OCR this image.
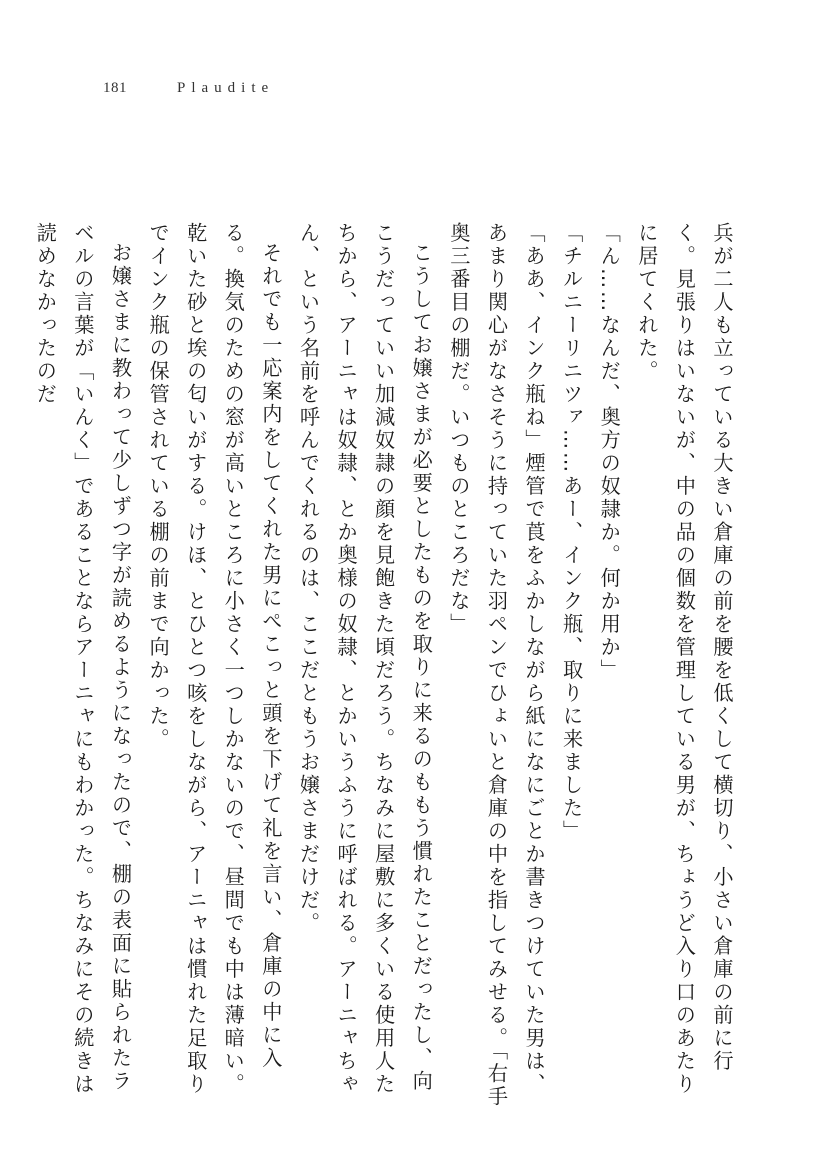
181	Plaudite

兵が二人も立っている大きい倉庫の前を腰を低くして横切り、小さい倉庫の前に行く。見張りはいないが、中の品の個数を管理している男が、ちょうど入り口のあたりに居てくれた。

「ん……なんだ、奥方の奴隷か。何か用か」

「チルニーリニツァ……あー、インク瓶、取りに来ました」

「ああ、インク瓶ね」煙管で莨をふかしながら紙になにごとか書きつけていた男は、あまり関心がなさそうに持っていた羽ペンでひょいと倉庫の中を指してみせる。「右手奥三番目の棚だ。いつものところだな」

こうしてお嬢さまが必要としたものを取りに来るのももう慣れたことだったし、向こうだっていい加減奴隷の顔を見飽きた頃だろう。ちなみに屋敷に多くいる使用人たちから、アーニャは奴隷、とか奥様の奴隷、とかいうふうに呼ばれる。アーニャちゃん、という名前を呼んでくれるのは、ここだともうお嬢さまだけだ。

それでも一応案内をしてくれた男にぺこっと頭を下げて礼を言い、倉庫の中に入る。換気のための窓が高いところに小さく一つしかないので、昼間でも中は薄暗い。乾いた砂と埃の匂いがする。けほ、とひとつ咳をしながら、アーニャは慣れた足取りでインク瓶の保管されている棚の前まで向かった。

お嬢さまに教わって少しずつ字が読めるようになったので、棚の表面に貼られたラベルの言葉が「いんく」であることならアーニャにもわかった。ちなみにその続きは読めなかったのだ
